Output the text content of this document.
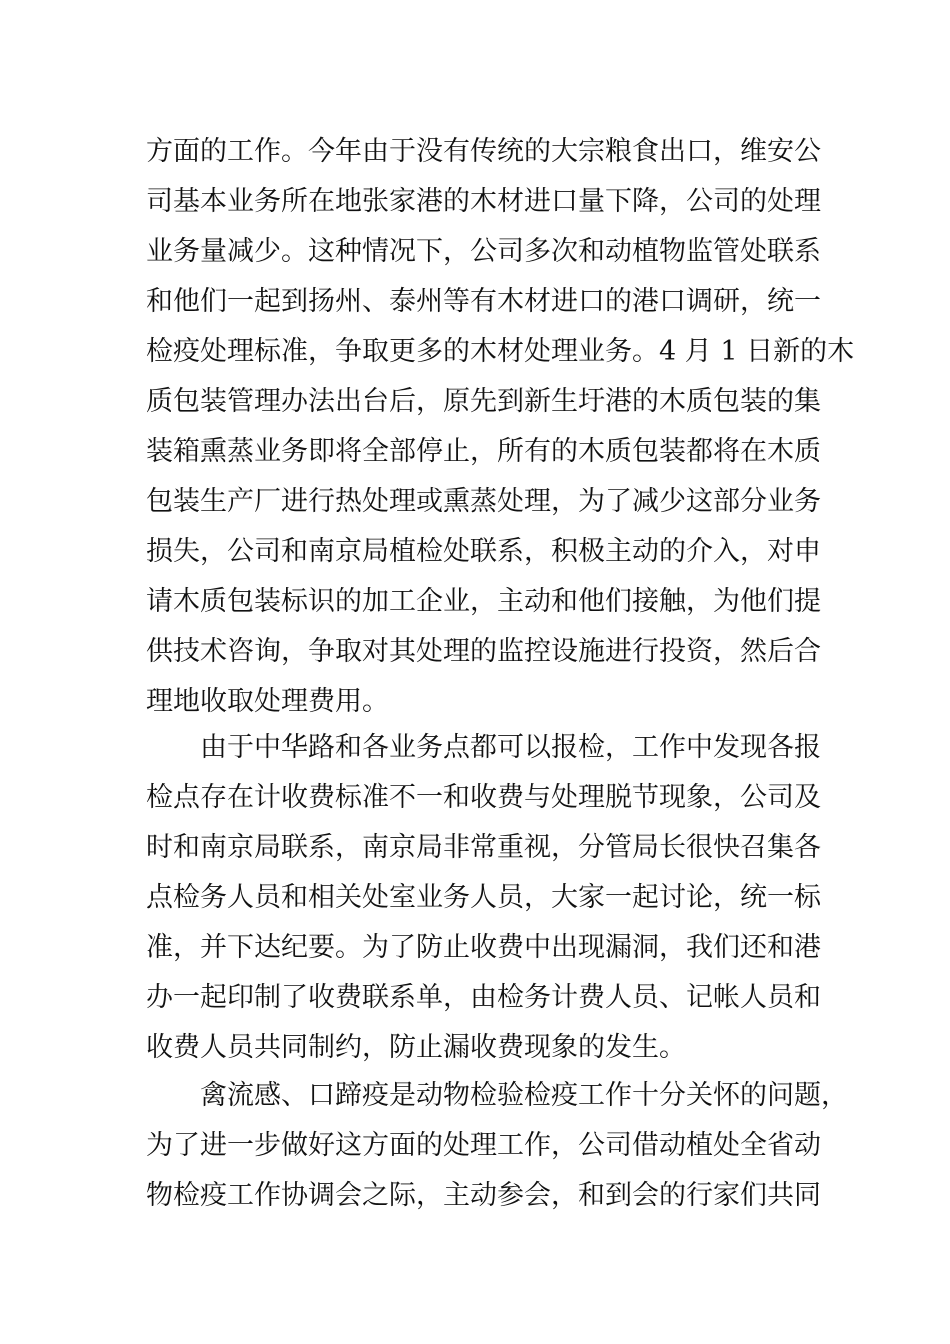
方面的工作。今年由于没有传统的大宗粮食出口，维安公
司基本业务所在地张家港的木材进口量下降，公司的处理
业务量减少。这种情况下，公司多次和动植物监管处联系
和他们一起到扬州、泰州等有木材进口的港口调研，统一
检疫处理标准，争取更多的木材处理业务。4 月 1 日新的木
质包装管理办法出台后，原先到新生圩港的木质包装的集
装箱熏蒸业务即将全部停止，所有的木质包装都将在木质
包装生产厂进行热处理或熏蒸处理，为了减少这部分业务
损失，公司和南京局植检处联系，积极主动的介入，对申
请木质包装标识的加工企业，主动和他们接触，为他们提
供技术咨询，争取对其处理的监控设施进行投资，然后合
理地收取处理费用。
由于中华路和各业务点都可以报检，工作中发现各报
检点存在计收费标准不一和收费与处理脱节现象，公司及
时和南京局联系，南京局非常重视，分管局长很快召集各
点检务人员和相关处室业务人员，大家一起讨论，统一标
准，并下达纪要。为了防止收费中出现漏洞，我们还和港
办一起印制了收费联系单，由检务计费人员、记帐人员和
收费人员共同制约，防止漏收费现象的发生。
禽流感、口蹄疫是动物检验检疫工作十分关怀的问题，
为了进一步做好这方面的处理工作，公司借动植处全省动
物检疫工作协调会之际，主动参会，和到会的行家们共同
